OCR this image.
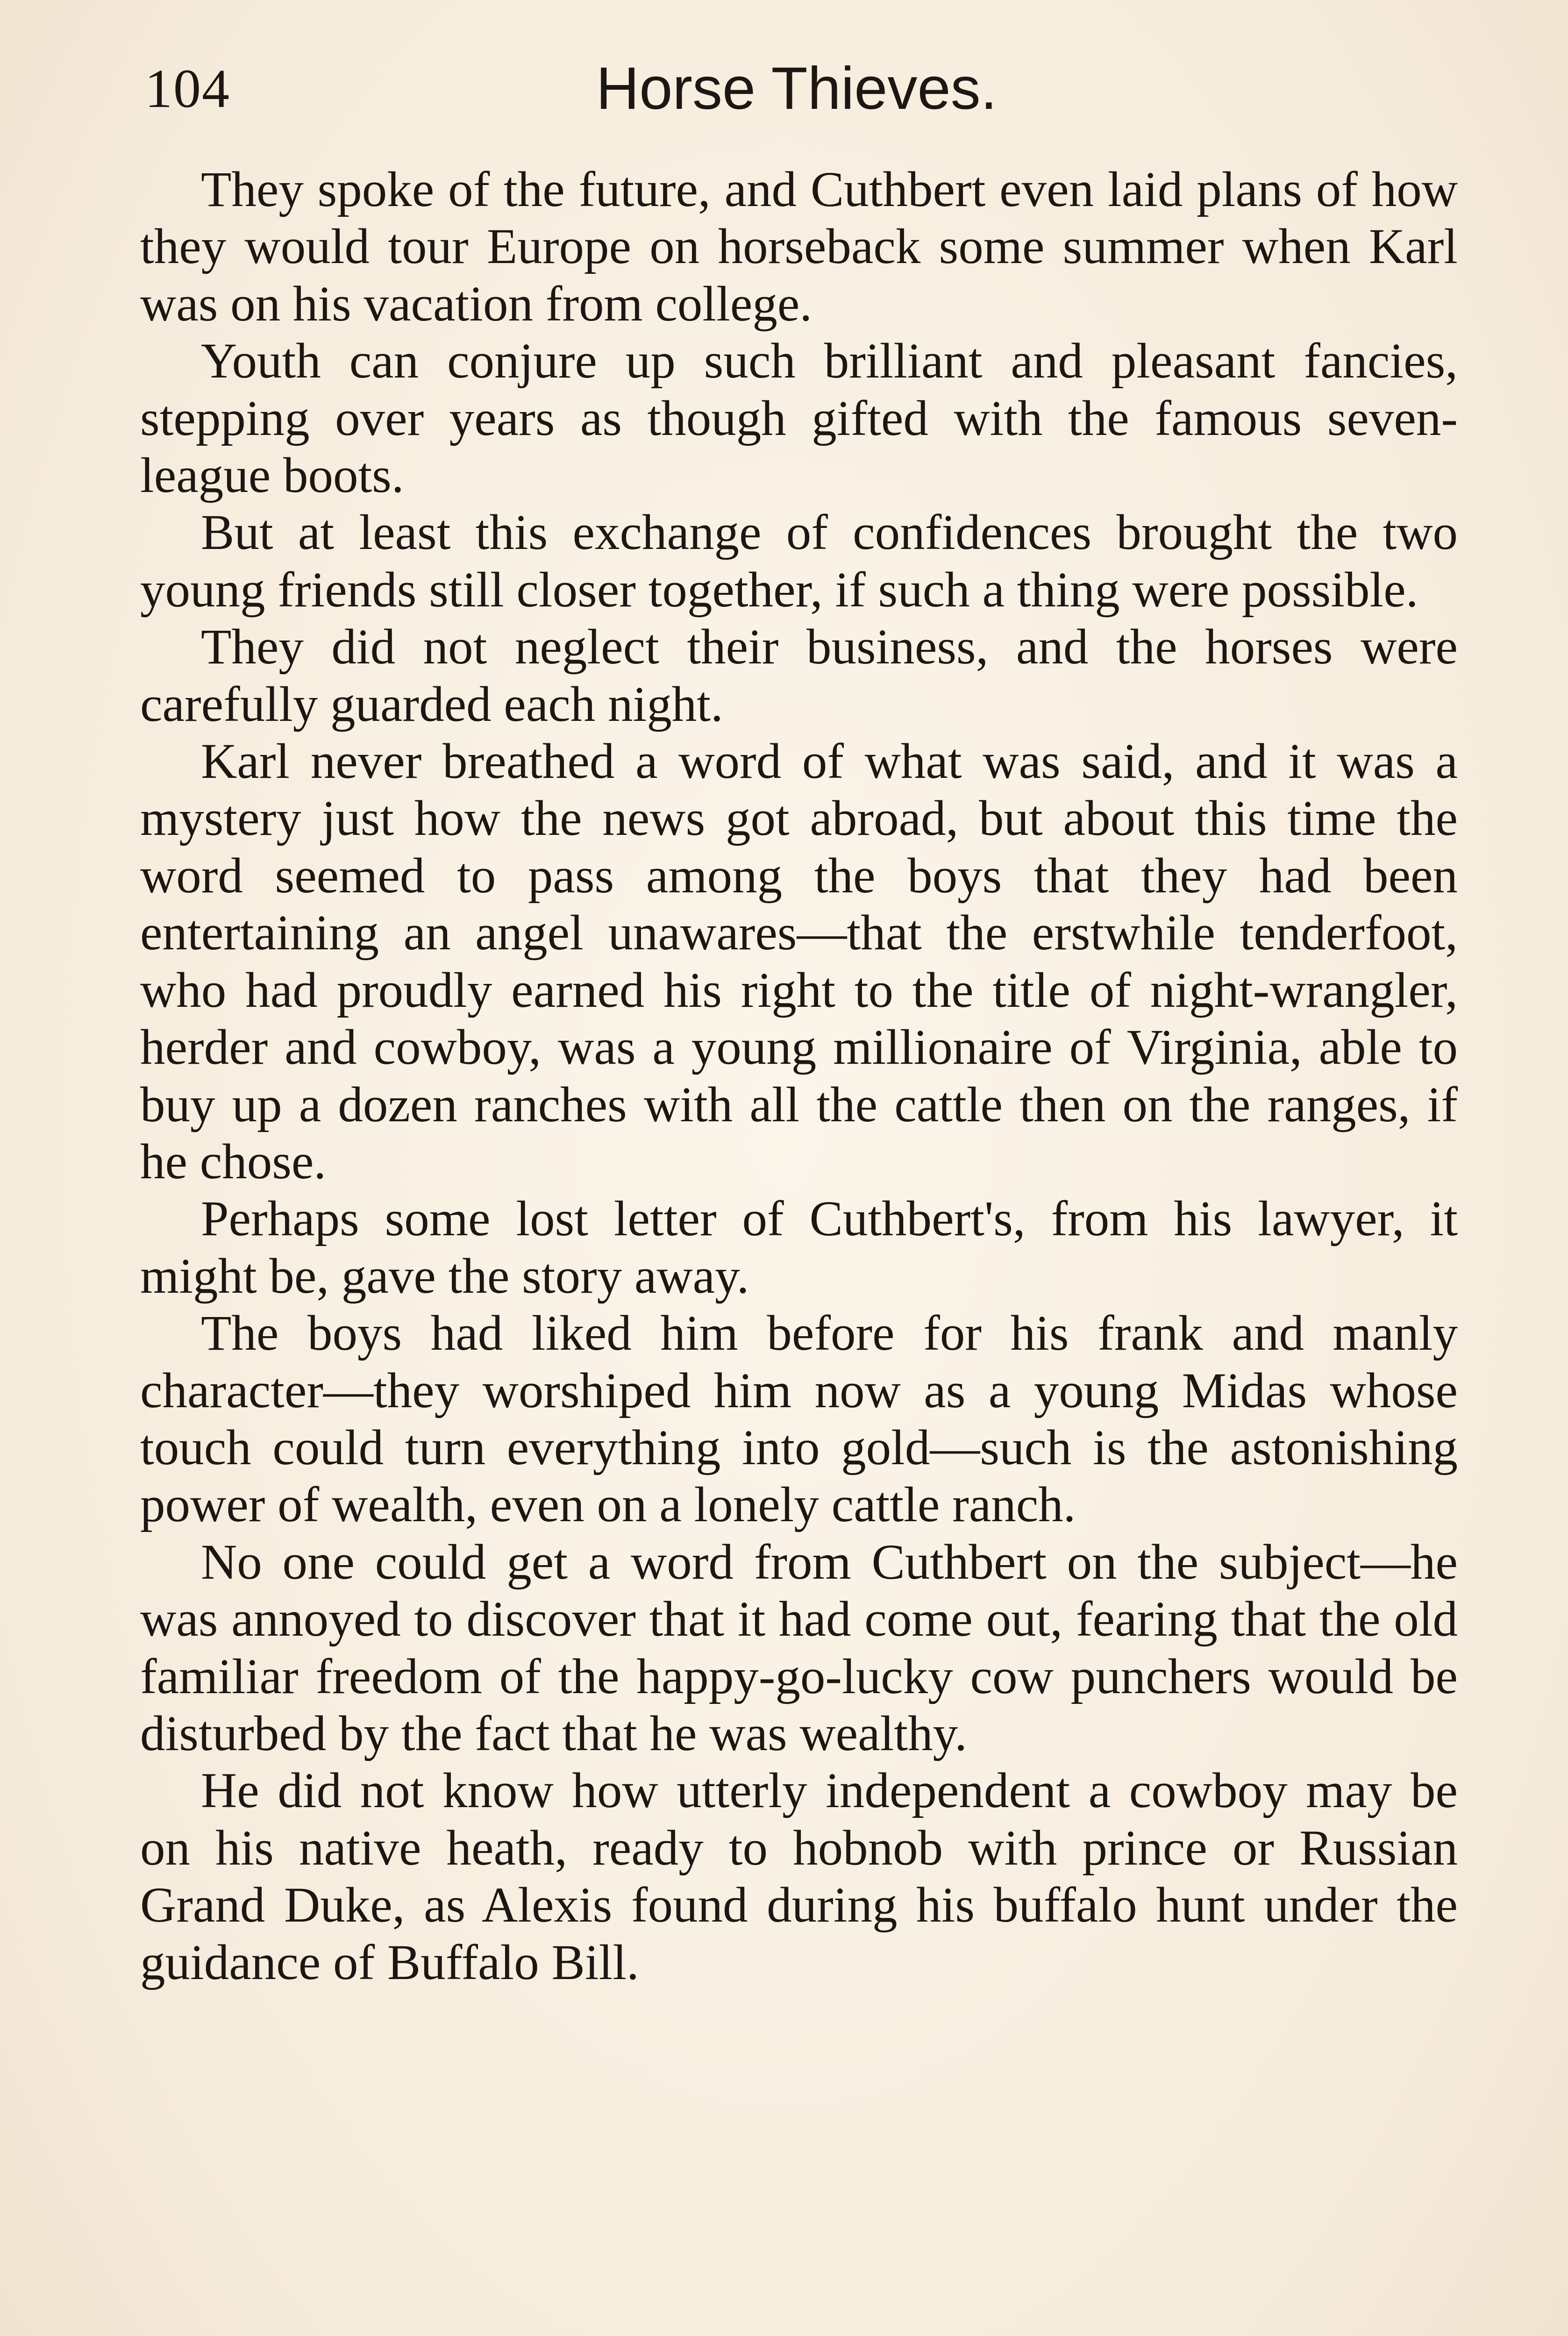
104	Horse Thieves.

They spoke of the future, and Cuthbert even laid plans of how they would tour Europe on horseback some summer when Karl was on his vacation from college.

Youth can conjure up such brilliant and pleasant fancies, stepping over years as though gifted with the famous seven-league boots.

But at least this exchange of confidences brought the two young friends still closer together, if such a thing were possible.

They did not neglect their business, and the horses were carefully guarded each night.

Karl never breathed a word of what was said, and it was a mystery just how the news got abroad, but about this time the word seemed to pass among the boys that they had been entertaining an angel unawares—that the erstwhile tenderfoot, who had proudly earned his right to the title of night-wrangler, herder and cowboy, was a young millionaire of Virginia, able to buy up a dozen ranches with all the cattle then on the ranges, if he chose.

Perhaps some lost letter of Cuthbert's, from his lawyer, it might be, gave the story away.

The boys had liked him before for his frank and manly character—they worshiped him now as a young Midas whose touch could turn everything into gold—such is the astonishing power of wealth, even on a lonely cattle ranch.

No one could get a word from Cuthbert on the subject—he was annoyed to discover that it had come out, fearing that the old familiar freedom of the happy-go-lucky cow punchers would be disturbed by the fact that he was wealthy.

He did not know how utterly independent a cowboy may be on his native heath, ready to hobnob with prince or Russian Grand Duke, as Alexis found during his buffalo hunt under the guidance of Buffalo Bill.
